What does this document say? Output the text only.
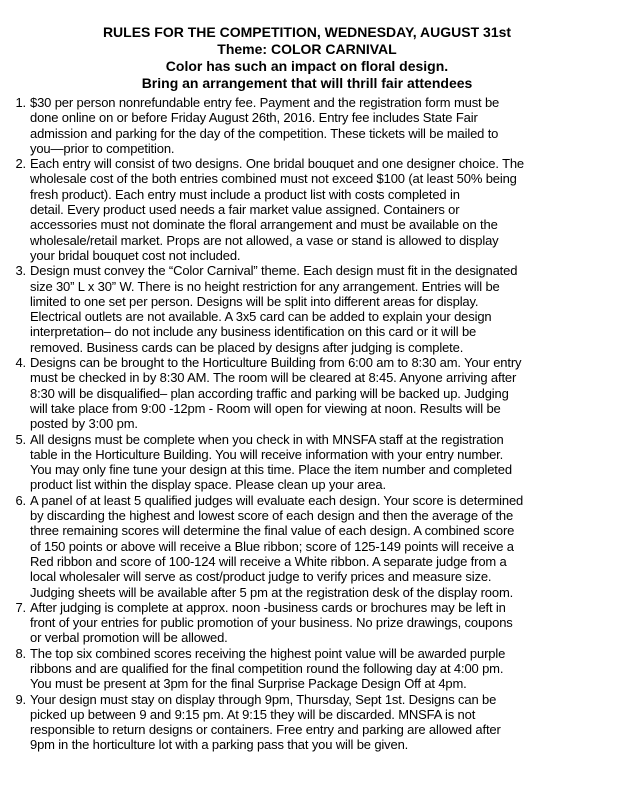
RULES FOR THE COMPETITION, WEDNESDAY, AUGUST 31st
Theme: COLOR CARNIVAL
Color has such an impact on floral design.
Bring an arrangement that will thrill fair attendees
1. $30 per person nonrefundable entry fee. Payment and the registration form must be
done online on or before Friday August 26th, 2016. Entry fee includes State Fair
admission and parking for the day of the competition. These tickets will be mailed to
you—prior to competition.
2. Each entry will consist of two designs. One bridal bouquet and one designer choice. The
wholesale cost of the both entries combined must not exceed $100 (at least 50% being
fresh product). Each entry must include a product list with costs completed in
detail. Every product used needs a fair market value assigned. Containers or
accessories must not dominate the floral arrangement and must be available on the
wholesale/retail market. Props are not allowed, a vase or stand is allowed to display
your bridal bouquet cost not included.
3. Design must convey the “Color Carnival” theme. Each design must fit in the designated
size 30” L x 30” W. There is no height restriction for any arrangement. Entries will be
limited to one set per person. Designs will be split into different areas for display.
Electrical outlets are not available. A 3x5 card can be added to explain your design
interpretation– do not include any business identification on this card or it will be
removed. Business cards can be placed by designs after judging is complete.
4. Designs can be brought to the Horticulture Building from 6:00 am to 8:30 am. Your entry
must be checked in by 8:30 AM. The room will be cleared at 8:45. Anyone arriving after
8:30 will be disqualified– plan according traffic and parking will be backed up. Judging
will take place from 9:00 -12pm - Room will open for viewing at noon. Results will be
posted by 3:00 pm.
5. All designs must be complete when you check in with MNSFA staff at the registration
table in the Horticulture Building. You will receive information with your entry number.
You may only fine tune your design at this time. Place the item number and completed
product list within the display space. Please clean up your area.
6. A panel of at least 5 qualified judges will evaluate each design. Your score is determined
by discarding the highest and lowest score of each design and then the average of the
three remaining scores will determine the final value of each design. A combined score
of 150 points or above will receive a Blue ribbon; score of 125-149 points will receive a
Red ribbon and score of 100-124 will receive a White ribbon. A separate judge from a
local wholesaler will serve as cost/product judge to verify prices and measure size.
Judging sheets will be available after 5 pm at the registration desk of the display room.
7. After judging is complete at approx. noon -business cards or brochures may be left in
front of your entries for public promotion of your business. No prize drawings, coupons
or verbal promotion will be allowed.
8. The top six combined scores receiving the highest point value will be awarded purple
ribbons and are qualified for the final competition round the following day at 4:00 pm.
You must be present at 3pm for the final Surprise Package Design Off at 4pm.
9. Your design must stay on display through 9pm, Thursday, Sept 1st. Designs can be
picked up between 9 and 9:15 pm. At 9:15 they will be discarded. MNSFA is not
responsible to return designs or containers. Free entry and parking are allowed after
9pm in the horticulture lot with a parking pass that you will be given.
